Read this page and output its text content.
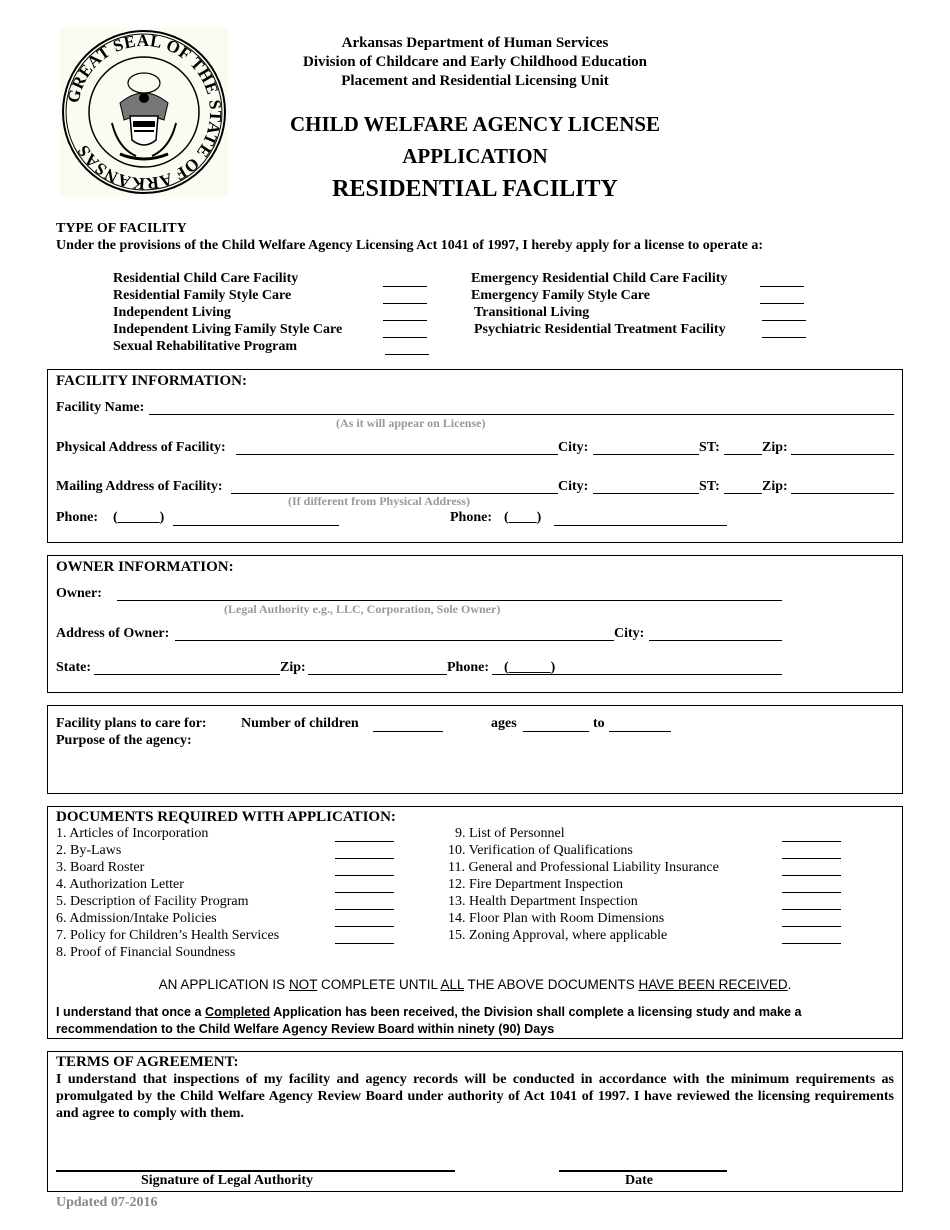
GREAT SEAL OF THE STATE OF ARKANSAS
Arkansas Department of Human Services
Division of Childcare and Early Childhood Education
Placement and Residential Licensing Unit
CHILD WELFARE AGENCY LICENSE
APPLICATION
RESIDENTIAL FACILITY
TYPE OF FACILITY
Under the provisions of the Child Welfare Agency Licensing Act 1041 of 1997, I hereby apply for a license to operate a:
Residential Child Care Facility
Residential Family Style Care
Independent Living
Independent Living Family Style Care
Sexual Rehabilitative Program
Emergency Residential Child Care Facility
Emergency Family Style Care
Transitional Living
Psychiatric Residential Treatment Facility
FACILITY INFORMATION:
Facility Name:
(As it will appear on License)
Physical Address of Facility:	City:	ST:	Zip:
Mailing Address of Facility:	City:	ST:	Zip:
(If different from Physical Address)
Phone: (______)	Phone: (____)
OWNER INFORMATION:
Owner:
(Legal Authority e.g., LLC, Corporation, Sole Owner)
Address of Owner:	City:
State:	Zip:	Phone: (______)
Facility plans to care for: Number of children	ages	to
Purpose of the agency:
DOCUMENTS REQUIRED WITH APPLICATION:
1. Articles of Incorporation
2. By-Laws
3. Board Roster
4. Authorization Letter
5. Description of Facility Program
6. Admission/Intake Policies
7. Policy for Children’s Health Services
8. Proof of Financial Soundness
9. List of Personnel
10. Verification of Qualifications
11. General and Professional Liability Insurance
12. Fire Department Inspection
13. Health Department Inspection
14. Floor Plan with Room Dimensions
15. Zoning Approval, where applicable
AN APPLICATION IS NOT COMPLETE UNTIL ALL THE ABOVE DOCUMENTS HAVE BEEN RECEIVED.
I understand that once a Completed Application has been received, the Division shall complete a licensing study and make a recommendation to the Child Welfare Agency Review Board within ninety (90) Days
TERMS OF AGREEMENT:
I understand that inspections of my facility and agency records will be conducted in accordance with the minimum requirements as promulgated by the Child Welfare Agency Review Board under authority of Act 1041 of 1997. I have reviewed the licensing requirements and agree to comply with them.
Signature of Legal Authority	Date
Updated 07-2016
